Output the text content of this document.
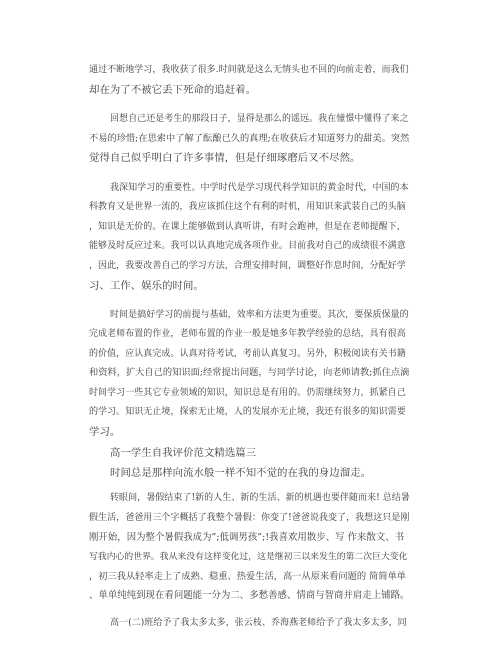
通过不断地学习，我收获了很多.时间就是这么无情头也不回的向前走着，而我们
却在为了不被它丢下死命的追赶着。
回想自己还是考生的那段日子，显得是那么的遥远。我在憧憬中懂得了来之
不易的珍惜;在思索中了解了酝酿已久的真理;在收获后才知道努力的甜美。突然
觉得自己似乎明白了许多事情，但是仔细琢磨后又不尽然。
我深知学习的重要性。中学时代是学习现代科学知识的黄金时代，中国的本
科教育又是世界一流的，我应该抓住这个有利的时机，用知识来武装自己的头脑
，知识是无价的。在课上能够做到认真听讲，有时会跑神，但是在老师提醒下，
能够及时反应过来。我可以认真地完成各项作业。目前我对自己的成绩很不满意
，因此，我要改善自己的学习方法，合理安排时间，调整好作息时间，分配好学
习、工作、娱乐的时间。
时间是搞好学习的前提与基础，效率和方法更为重要。其次，要保质保量的
完成老师布置的作业，老师布置的作业一般是她多年教学经验的总结，具有很高
的价值，应认真完成。认真对待考试，考前认真复习。另外，积极阅读有关书籍
和资料，扩大自己的知识面;经常提出问题，与同学讨论，向老师请教;抓住点滴
时间学习一些其它专业领域的知识，知识总是有用的。仍需继续努力，抓紧自己
的学习。知识无止境，探索无止境，人的发展亦无止境，我还有很多的知识需要
学习。
高一学生自我评价范文精选篇三
时间总是那样向流水般一样不知不觉的在我的身边溜走。
转眼间，暑假结束了!新的人生、新的生活、新的机遇也要伴随而来! 总结暑
假生活，爸爸用三个字概括了我整个暑假：你变了!爸爸说我变了，我想这只是刚
刚开始，因为整个暑假我成为”;低调男孩”;!我喜欢用散步、写 作来散文、书
写我内心的世界。我从来没有这样变化过，这是继初三以来发生的第二次巨大变化
，初三我从轻率走上了成熟、稳重、热爱生活，高一从原来看问题的 简简单单
、单单纯纯到现在看问题能一分为二、多愁善感、情商与智商并肩走上铺路。
高一(二)班给予了我太多太多，张云枝、乔海燕老师给予了我太多太多，同
